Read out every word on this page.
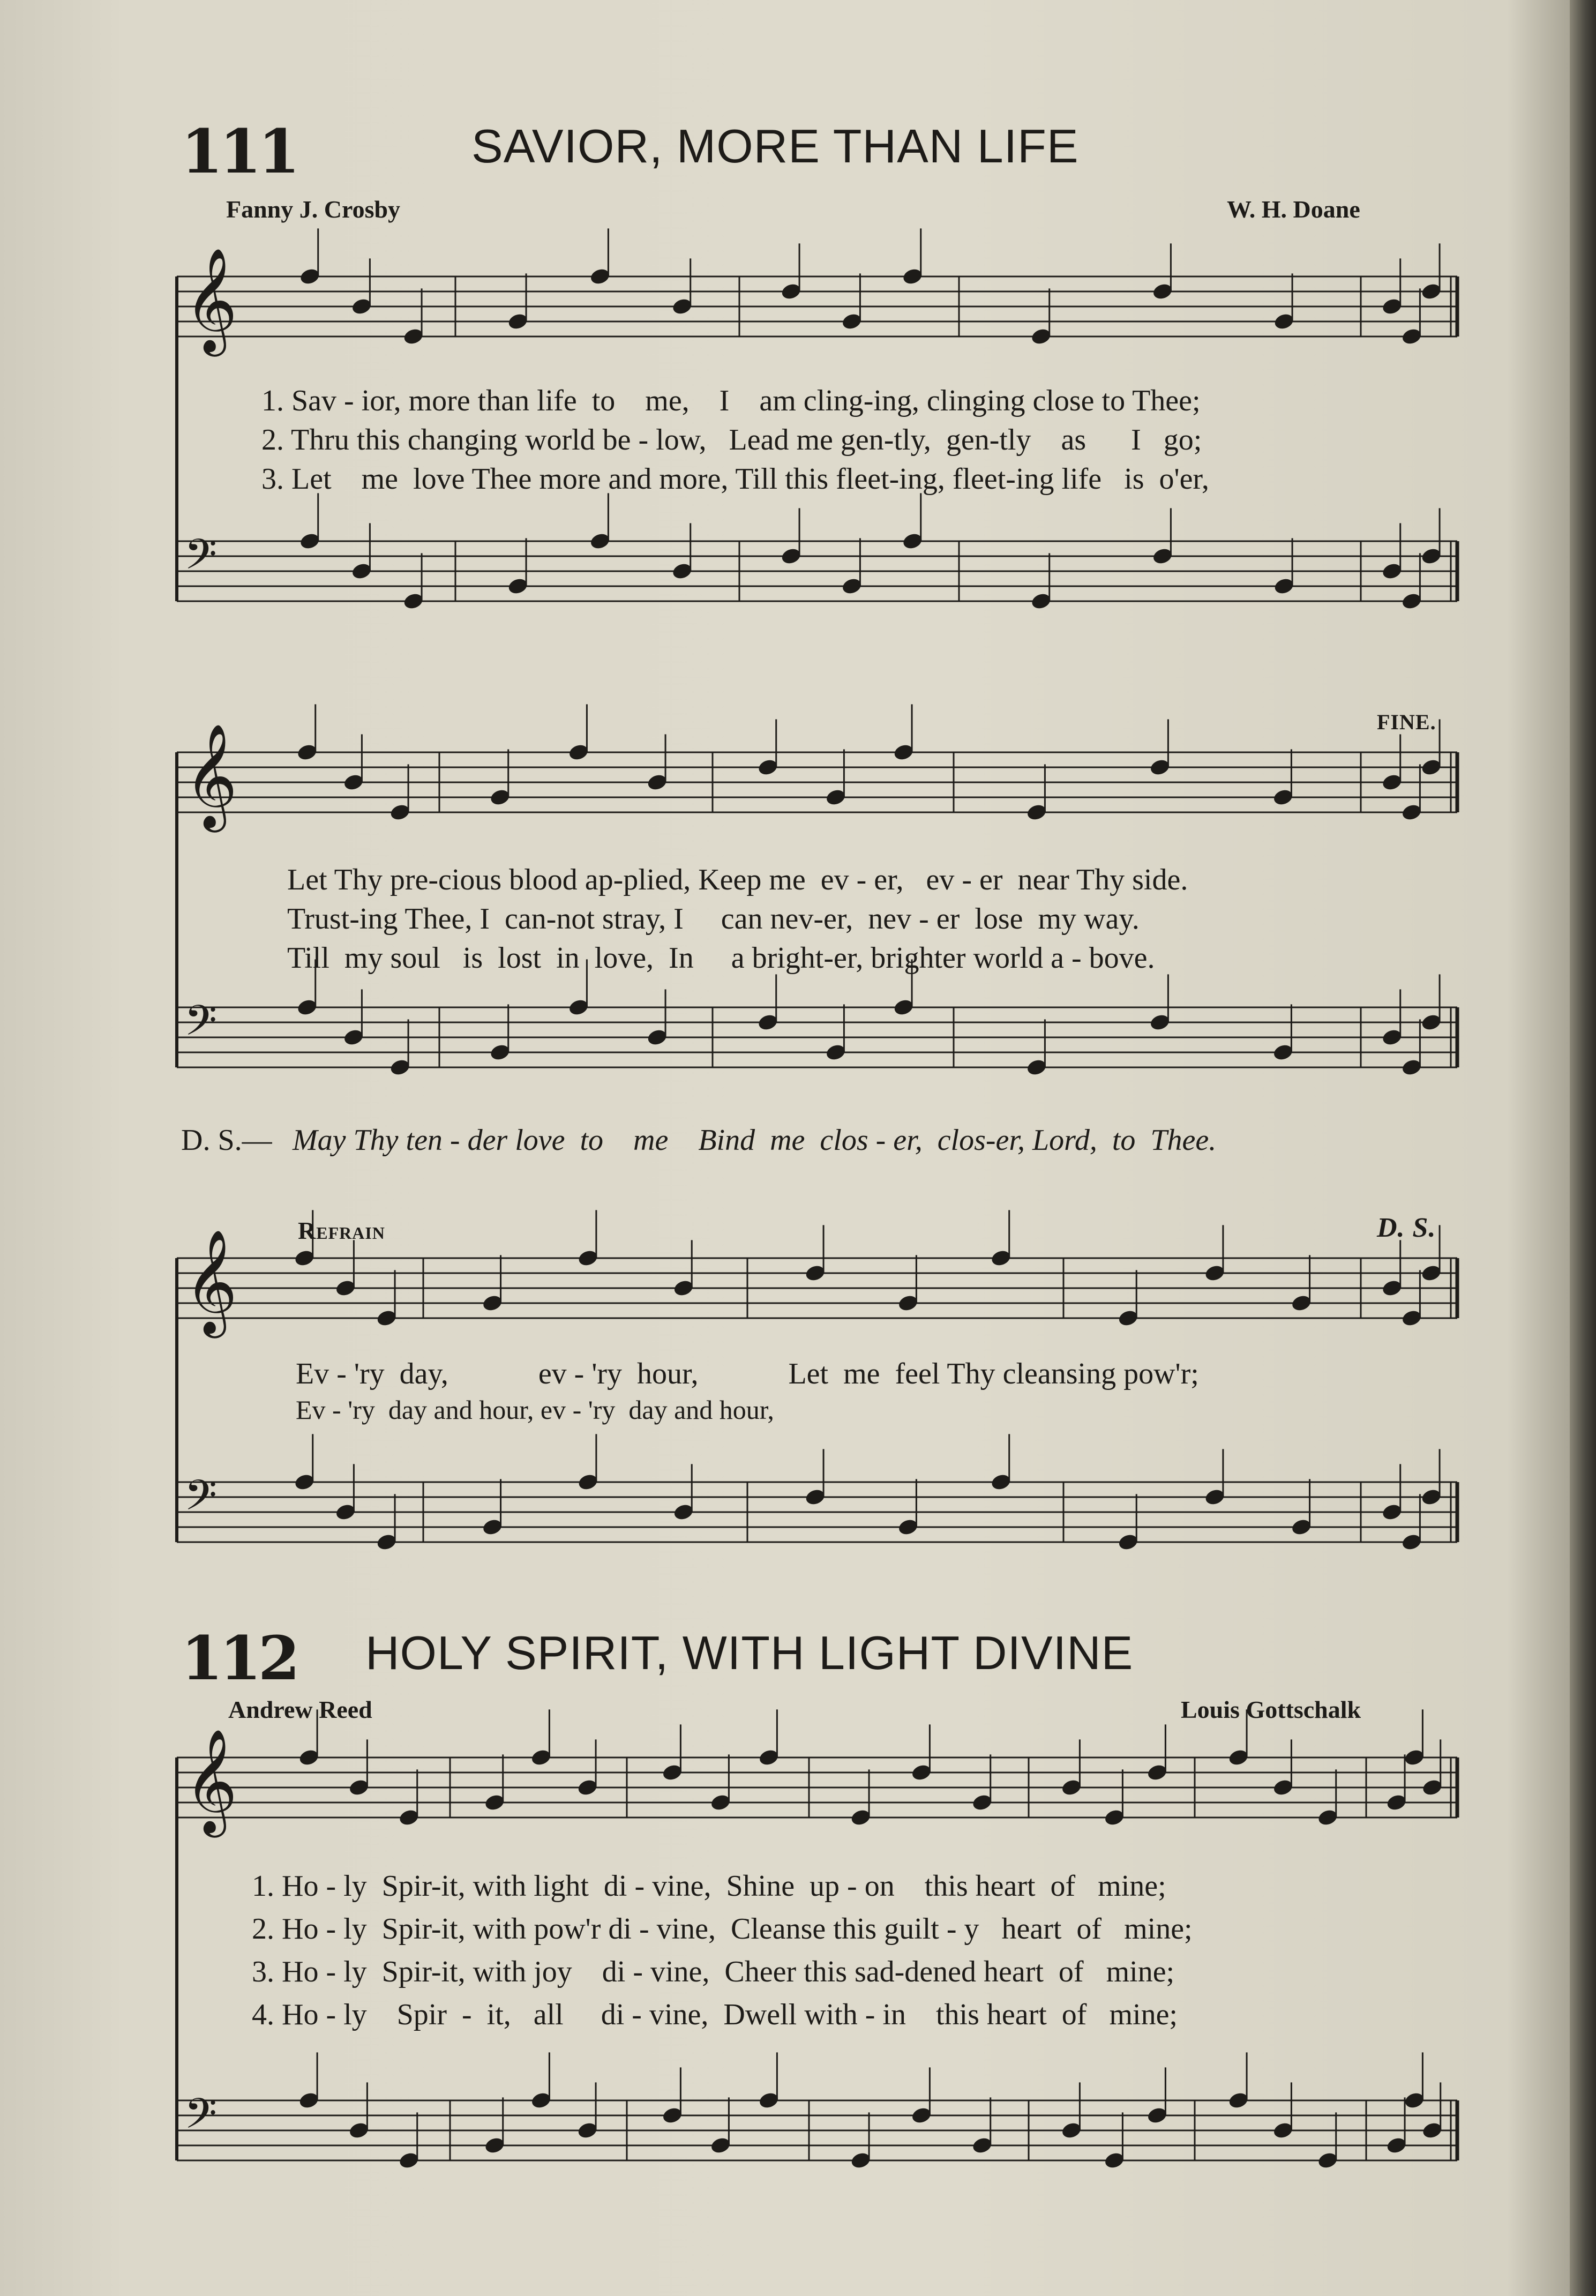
𝄞
𝄢
𝄞
𝄢
𝄞
𝄢
𝄞
𝄢
111	SAVIOR, MORE THAN LIFE
Fanny J. Crosby	W. H. Doane
1. Sav - ior, more than life  to    me,    I    am cling-ing, clinging close to Thee;
2. Thru this changing world be - low,   Lead me gen-tly,  gen-tly    as      I   go;
3. Let    me  love Thee more and more, Till this fleet-ing, fleet-ing life   is  o'er,
FINE.
Let Thy pre-cious blood ap-plied, Keep me  ev - er,   ev - er  near Thy side.
Trust-ing Thee, I  can-not stray, I     can nev-er,  nev - er  lose  my way.
Till  my soul   is  lost  in  love,  In     a bright-er, brighter world a - bove.
D. S.— May Thy ten - der love  to    me    Bind  me  clos - er,  clos-er, Lord,  to  Thee.
Refrain	D. S.
Ev - 'ry  day,            ev - 'ry  hour,            Let  me  feel Thy cleansing pow'r;
Ev - 'ry  day and hour, ev - 'ry  day and hour,
112 HOLY SPIRIT, WITH LIGHT DIVINE
Andrew Reed	Louis Gottschalk
1. Ho - ly  Spir-it, with light  di - vine,  Shine  up - on    this heart  of   mine;
2. Ho - ly  Spir-it, with pow'r di - vine,  Cleanse this guilt - y   heart  of   mine;
3. Ho - ly  Spir-it, with joy    di - vine,  Cheer this sad-dened heart  of   mine;
4. Ho - ly    Spir  -  it,   all     di - vine,  Dwell with - in    this heart  of   mine;
